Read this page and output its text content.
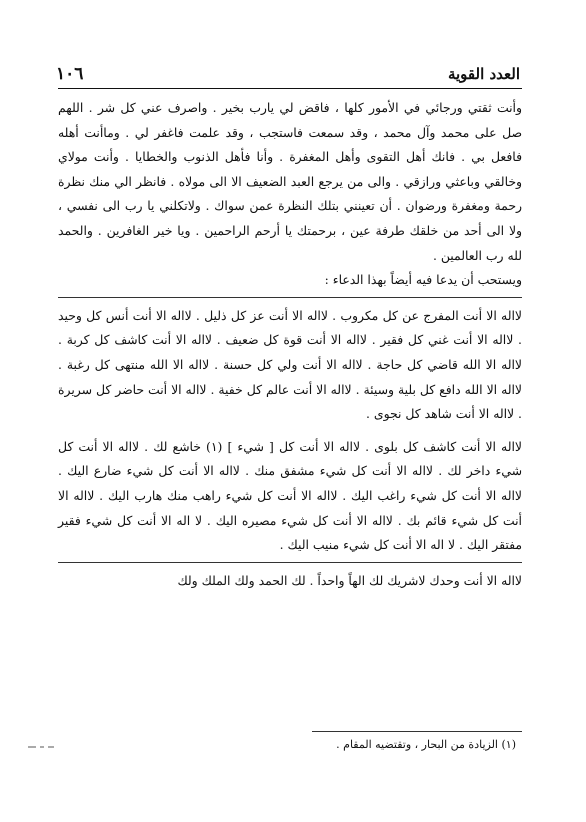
العدد القوية
١٠٦

وأنت ثقتي ورجائي في الأمور كلها ، فاقض لي يارب بخير . واصرف عني كل شر . اللهم صل على محمد وآل محمد ، وقد سمعت فاستجب ، وقد علمت فاغفر لي . وماأنت أهله فافعل بي . فانك أهل التقوى وأهل المغفرة . وأنا فأهل الذنوب والخطايا . وأنت مولاي وخالقي وباعثي ورازقي . والى من يرجع العبد الضعيف الا الى مولاه . فانظر الي منك نظرة رحمة ومغفرة ورضوان . أن تعينني بتلك النظرة عمن سواك . ولاتكلني يا رب الى نفسي ، ولا الى أحد من خلقك طرفة عين ، برحمتك يا أرحم الراحمين . ويا خير الغافرين . والحمد لله رب العالمين .

ويستحب أن يدعا فيه أيضاً بهذا الدعاء :

لااله الا أنت المفرج عن كل مكروب . لااله الا أنت عز كل ذليل . لااله الا أنت أنس كل وحيد . لااله الا أنت غني كل فقير . لااله الا أنت قوة كل ضعيف . لااله الا أنت كاشف كل كربة . لااله الا الله قاضي كل حاجة . لااله الا أنت ولي كل حسنة . لااله الا الله منتهى كل رغبة . لااله الا الله دافع كل بلية وسيئة . لااله الا أنت عالم كل خفية . لااله الا أنت حاضر كل سريرة . لااله الا أنت شاهد كل نجوى .

لااله الا أنت كاشف كل بلوى . لااله الا أنت كل [ شيء ] (١) خاشع لك . لااله الا أنت كل شيء داخر لك . لااله الا أنت كل شيء مشفق منك . لااله الا أنت كل شيء ضارع اليك . لااله الا أنت كل شيء راغب اليك . لااله الا أنت كل شيء راهب منك هارب اليك . لااله الا أنت كل شيء قائم بك . لااله الا أنت كل شيء مصيره اليك . لا اله الا أنت كل شيء فقير مفتقر اليك . لا اله الا أنت كل شيء منيب اليك .

لااله الا أنت وحدك لاشريك لك الهاً واحداً . لك الحمد ولك الملك ولك

(١) الزيادة من البحار ، وتقتضيه المقام .
